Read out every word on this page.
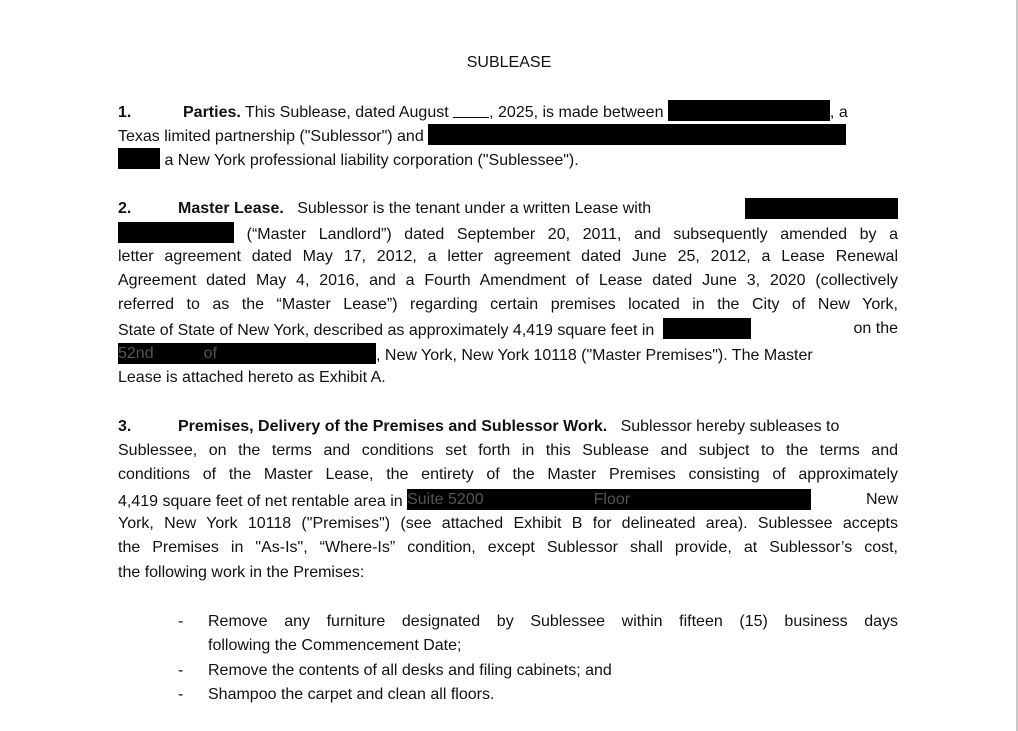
SUBLEASE
1.	Parties. This Sublease, dated August	, 2025, is made between	, a
Texas limited partnership ("Sublessor") and
a New York professional liability corporation ("Sublessee").
2.	Master Lease. Sublessor is the tenant under a written Lease with
(“Master Landlord”) dated September 20, 2011, and subsequently amended by a
letter agreement dated May 17, 2012, a letter agreement dated June 25, 2012, a Lease Renewal
Agreement dated May 4, 2016, and a Fourth Amendment of Lease dated June 3, 2020 (collectively
referred to as the “Master Lease”) regarding certain premises located in the City of New York,
State of State of New York, described as approximately 4,419 square feet in	on the
52nd	of	, New York, New York 10118 ("Master Premises"). The Master
Lease is attached hereto as Exhibit A.
3.	Premises, Delivery of the Premises and Sublessor Work. Sublessor hereby subleases to
Sublessee, on the terms and conditions set forth in this Sublease and subject to the terms and
conditions of the Master Lease, the entirety of the Master Premises consisting of approximately
4,419 square feet of net rentable area in Suite 5200	Floor	New
York, New York 10118 ("Premises") (see attached Exhibit B for delineated area). Sublessee accepts
the Premises in "As-Is", “Where-Is” condition, except Sublessor shall provide, at Sublessor’s cost,
the following work in the Premises:
-	Remove any furniture designated by Sublessee within fifteen (15) business days
following the Commencement Date;
-	Remove the contents of all desks and filing cabinets; and
-	Shampoo the carpet and clean all floors.
